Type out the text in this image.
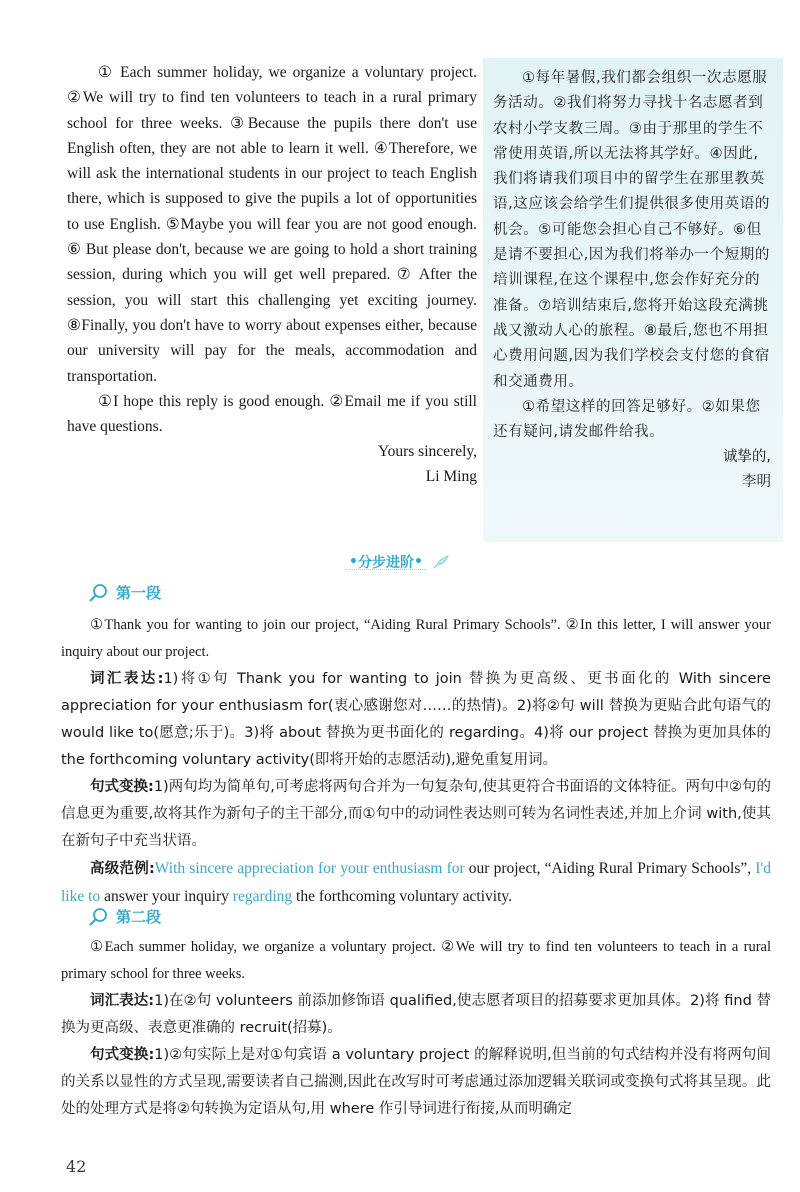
① Each summer holiday, we organize a voluntary project. ②We will try to find ten volunteers to teach in a rural primary school for three weeks. ③Because the pupils there don't use English often, they are not able to learn it well. ④Therefore, we will ask the international students in our project to teach English there, which is supposed to give the pupils a lot of opportunities to use English. ⑤Maybe you will fear you are not good enough. ⑥ But please don't, because we are going to hold a short training session, during which you will get well prepared. ⑦ After the session, you will start this challenging yet exciting journey. ⑧Finally, you don't have to worry about expenses either, because our university will pay for the meals, accommodation and transportation.

①I hope this reply is good enough. ②Email me if you still have questions.

Yours sincerely,
Li Ming

①每年暑假,我们都会组织一次志愿服务活动。②我们将努力寻找十名志愿者到农村小学支教三周。③由于那里的学生不常使用英语,所以无法将其学好。④因此,我们将请我们项目中的留学生在那里教英语,这应该会给学生们提供很多使用英语的机会。⑤可能您会担心自己不够好。⑥但是请不要担心,因为我们将举办一个短期的培训课程,在这个课程中,您会作好充分的准备。⑦培训结束后,您将开始这段充满挑战又激动人心的旅程。⑧最后,您也不用担心费用问题,因为我们学校会支付您的食宿和交通费用。

①希望这样的回答足够好。②如果您还有疑问,请发邮件给我。

诚挚的,
李明
• 分步进阶 •
第一段

①Thank you for wanting to join our project, “Aiding Rural Primary Schools”. ②In this letter, I will answer your inquiry about our project.

词汇表达:1)将①句 Thank you for wanting to join 替换为更高级、更书面化的 With sincere appreciation for your enthusiasm for(衷心感谢您对……的热情)。2)将②句 will 替换为更贴合此句语气的 would like to(愿意;乐于)。3)将 about 替换为更书面化的 regarding。4)将 our project 替换为更加具体的 the forthcoming voluntary activity(即将开始的志愿活动),避免重复用词。

句式变换:1)两句均为简单句,可考虑将两句合并为一句复杂句,使其更符合书面语的文体特征。两句中②句的信息更为重要,故将其作为新句子的主干部分,而①句中的动词性表达则可转为名词性表述,并加上介词 with,使其在新句子中充当状语。

高级范例:With sincere appreciation for your enthusiasm for our project, “Aiding Rural Primary Schools”, I'd like to answer your inquiry regarding the forthcoming voluntary activity.

第二段

①Each summer holiday, we organize a voluntary project. ②We will try to find ten volunteers to teach in a rural primary school for three weeks.

词汇表达:1)在②句 volunteers 前添加修饰语 qualified,使志愿者项目的招募要求更加具体。2)将 find 替换为更高级、表意更准确的 recruit(招募)。

句式变换:1)②句实际上是对①句宾语 a voluntary project 的解释说明,但当前的句式结构并没有将两句间的关系以显性的方式呈现,需要读者自己揣测,因此在改写时可考虑通过添加逻辑关联词或变换句式将其呈现。此处的处理方式是将②句转换为定语从句,用 where 作引导词进行衔接,从而明确定

42
